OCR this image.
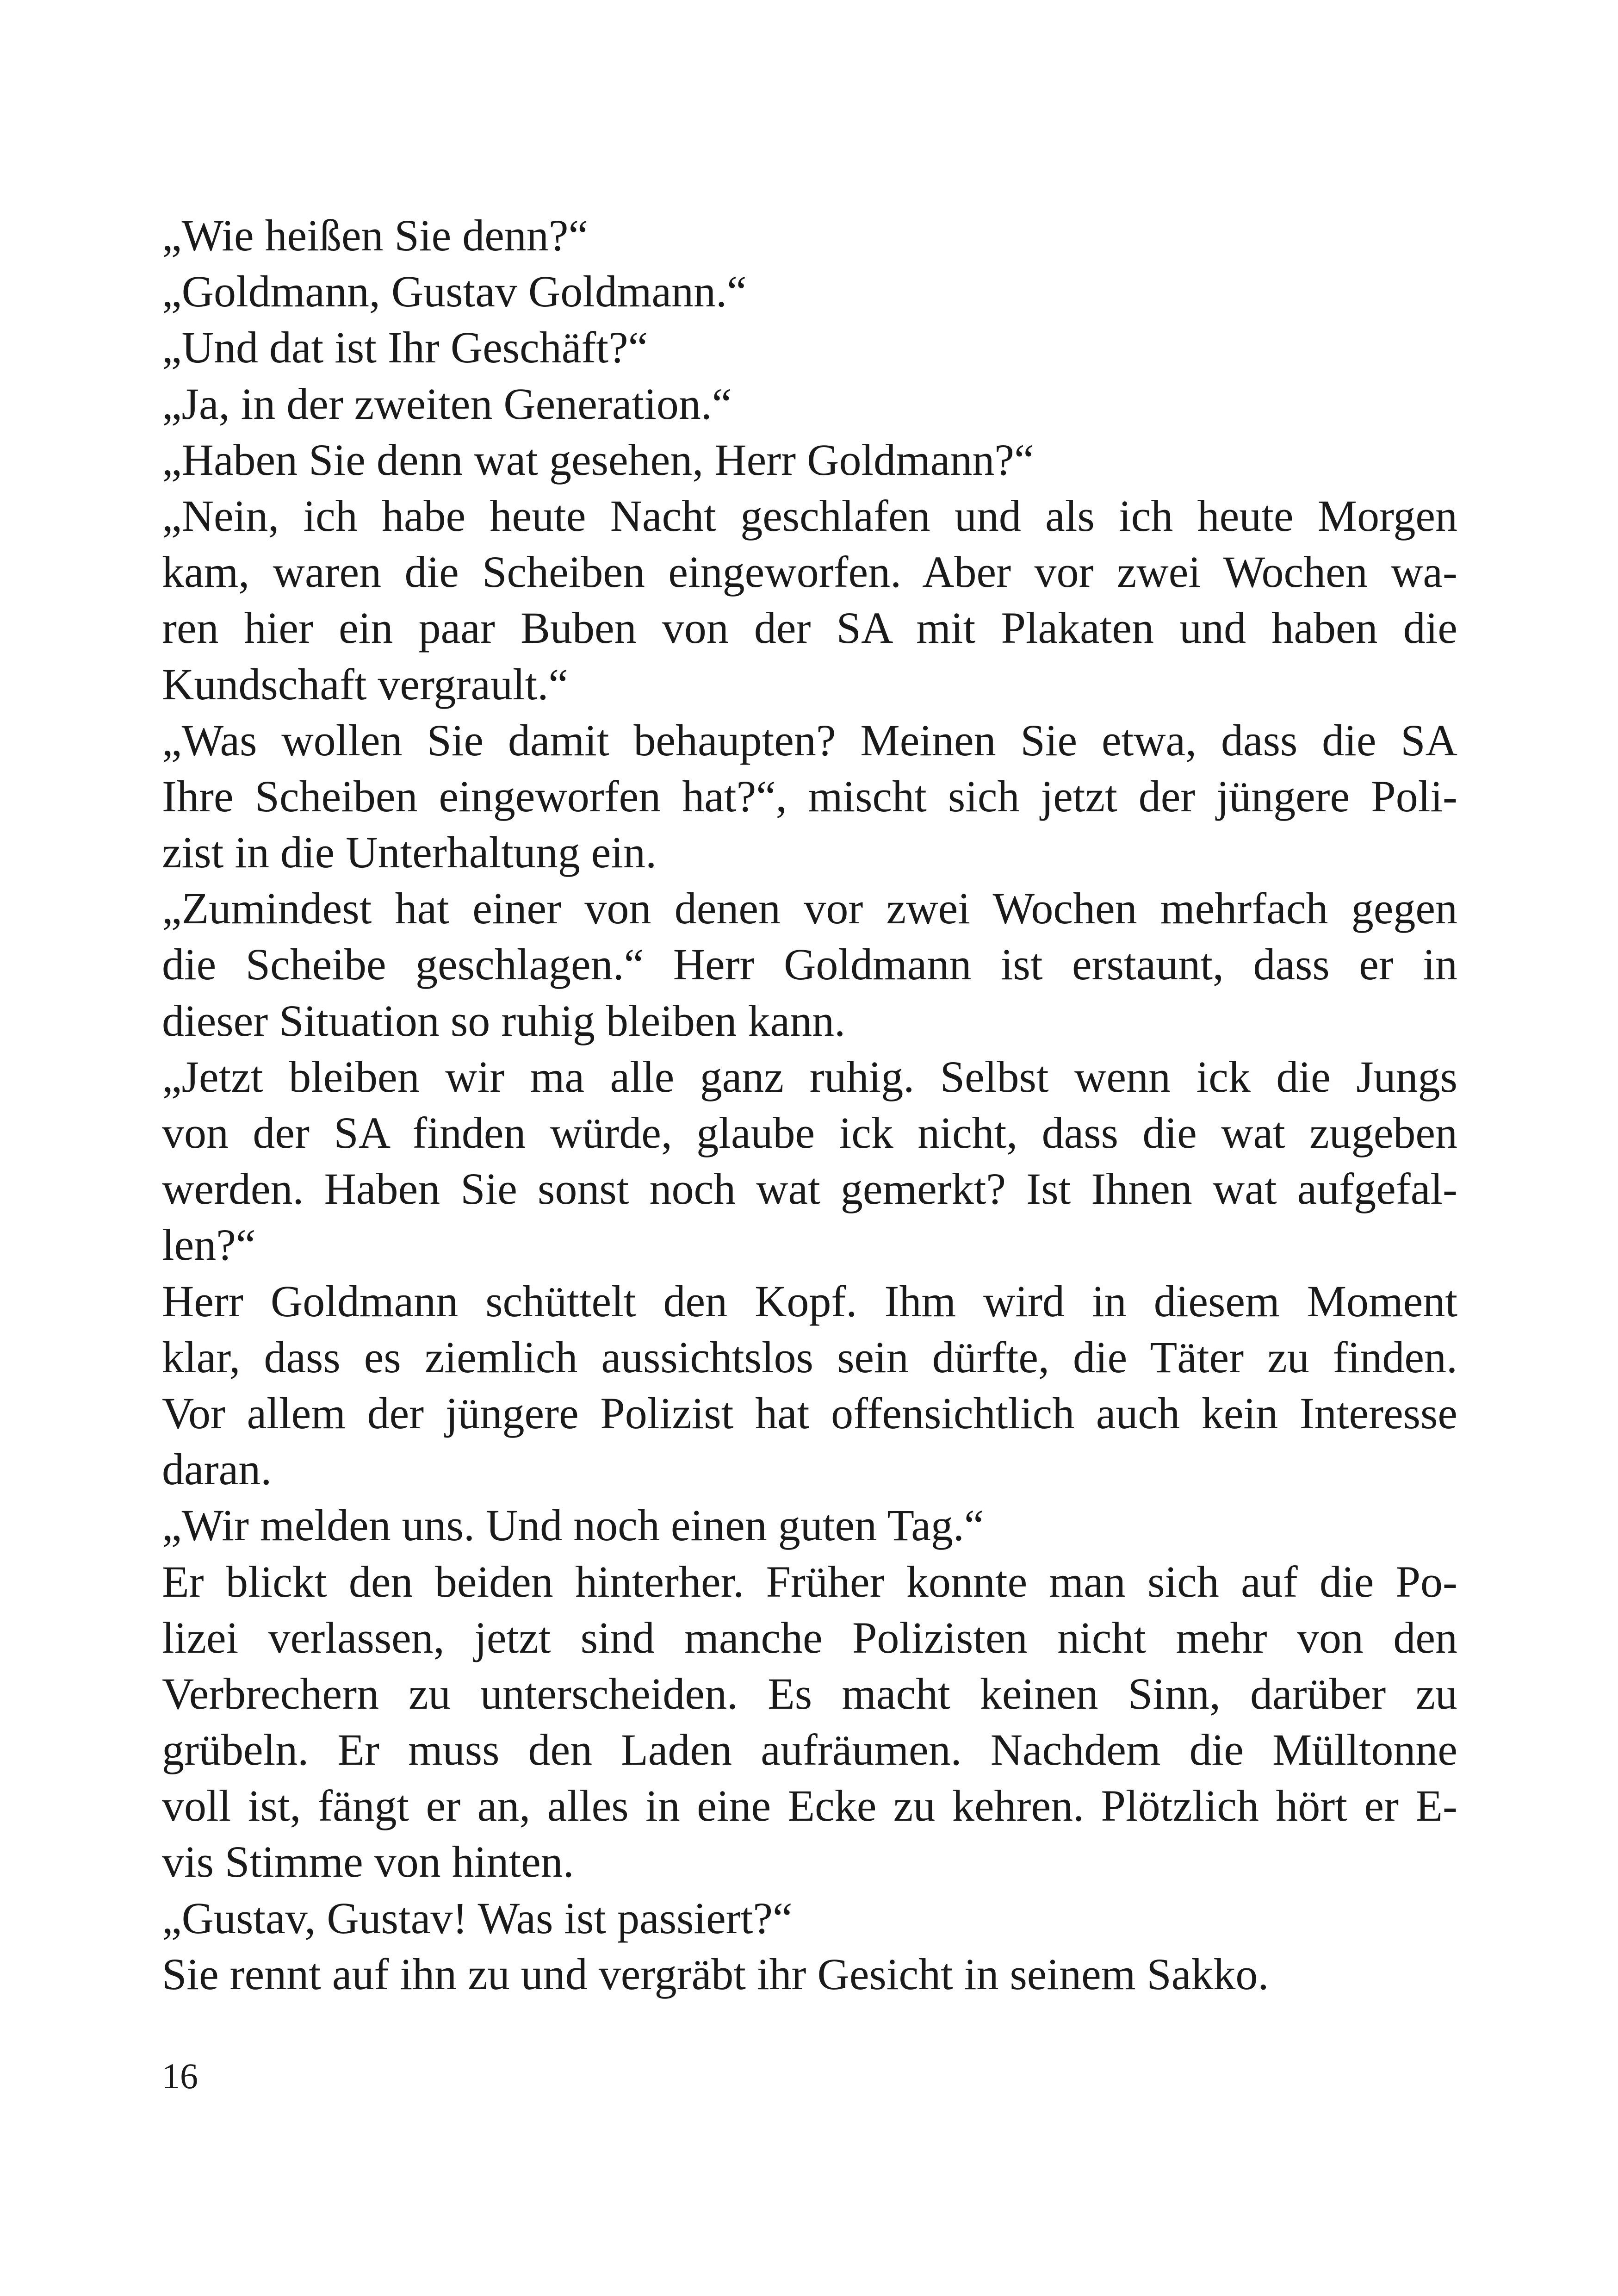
„Wie heißen Sie denn?“
„Goldmann, Gustav Goldmann.“
„Und dat ist Ihr Geschäft?“
„Ja, in der zweiten Generation.“
„Haben Sie denn wat gesehen, Herr Goldmann?“
„Nein, ich habe heute Nacht geschlafen und als ich heute Morgen
kam, waren die Scheiben eingeworfen. Aber vor zwei Wochen wa-
ren hier ein paar Buben von der SA mit Plakaten und haben die
Kundschaft vergrault.“
„Was wollen Sie damit behaupten? Meinen Sie etwa, dass die SA
Ihre Scheiben eingeworfen hat?“, mischt sich jetzt der jüngere Poli-
zist in die Unterhaltung ein.
„Zumindest hat einer von denen vor zwei Wochen mehrfach gegen
die Scheibe geschlagen.“ Herr Goldmann ist erstaunt, dass er in
dieser Situation so ruhig bleiben kann.
„Jetzt bleiben wir ma alle ganz ruhig. Selbst wenn ick die Jungs
von der SA finden würde, glaube ick nicht, dass die wat zugeben
werden. Haben Sie sonst noch wat gemerkt? Ist Ihnen wat aufgefal-
len?“
Herr Goldmann schüttelt den Kopf. Ihm wird in diesem Moment
klar, dass es ziemlich aussichtslos sein dürfte, die Täter zu finden.
Vor allem der jüngere Polizist hat offensichtlich auch kein Interesse
daran.
„Wir melden uns. Und noch einen guten Tag.“
Er blickt den beiden hinterher. Früher konnte man sich auf die Po-
lizei verlassen, jetzt sind manche Polizisten nicht mehr von den
Verbrechern zu unterscheiden. Es macht keinen Sinn, darüber zu
grübeln. Er muss den Laden aufräumen. Nachdem die Mülltonne
voll ist, fängt er an, alles in eine Ecke zu kehren. Plötzlich hört er E-
vis Stimme von hinten.
„Gustav, Gustav! Was ist passiert?“
Sie rennt auf ihn zu und vergräbt ihr Gesicht in seinem Sakko.
16
